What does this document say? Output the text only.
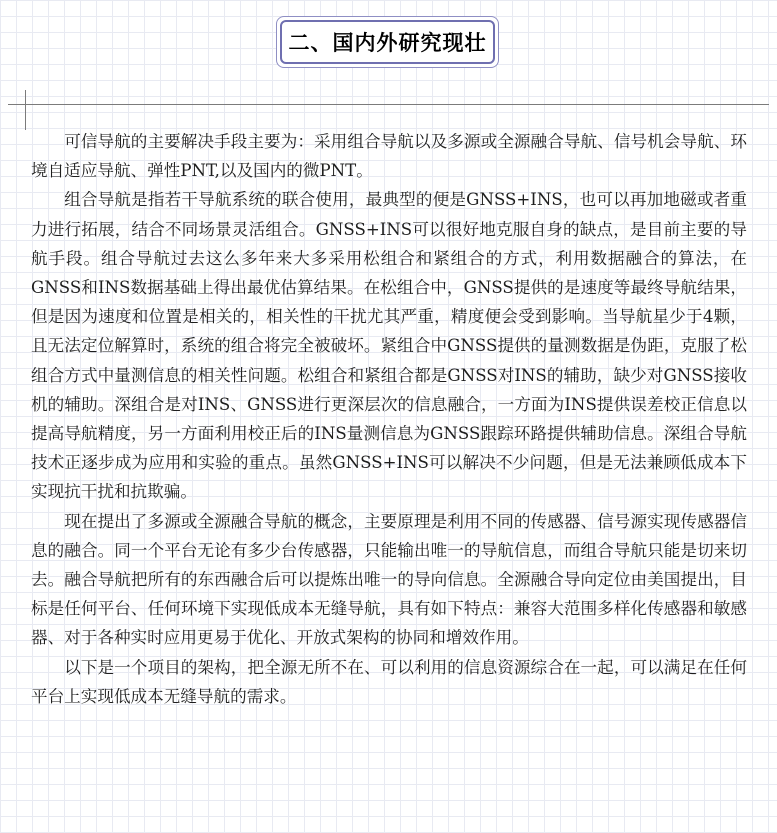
二、国内外研究现壮

可信导航的主要解决手段主要为：采用组合导航以及多源或全源融合导航、信号机会导航、环境自适应导航、弹性PNT,以及国内的微PNT。

组合导航是指若干导航系统的联合使用，最典型的便是GNSS+INS，也可以再加地磁或者重力进行拓展，结合不同场景灵活组合。GNSS+INS可以很好地克服自身的缺点，是目前主要的导航手段。组合导航过去这么多年来大多采用松组合和紧组合的方式，利用数据融合的算法，在GNSS和INS数据基础上得出最优估算结果。在松组合中，GNSS提供的是速度等最终导航结果，但是因为速度和位置是相关的，相关性的干扰尤其严重，精度便会受到影响。当导航星少于4颗，且无法定位解算时，系统的组合将完全被破坏。紧组合中GNSS提供的量测数据是伪距，克服了松组合方式中量测信息的相关性问题。松组合和紧组合都是GNSS对INS的辅助，缺少对GNSS接收机的辅助。深组合是对INS、GNSS进行更深层次的信息融合，一方面为INS提供误差校正信息以提高导航精度，另一方面利用校正后的INS量测信息为GNSS跟踪环路提供辅助信息。深组合导航技术正逐步成为应用和实验的重点。虽然GNSS+INS可以解决不少问题，但是无法兼顾低成本下实现抗干扰和抗欺骗。

现在提出了多源或全源融合导航的概念，主要原理是利用不同的传感器、信号源实现传感器信息的融合。同一个平台无论有多少台传感器，只能输出唯一的导航信息，而组合导航只能是切来切去。融合导航把所有的东西融合后可以提炼出唯一的导向信息。全源融合导向定位由美国提出，目标是任何平台、任何环境下实现低成本无缝导航，具有如下特点：兼容大范围多样化传感器和敏感器、对于各种实时应用更易于优化、开放式架构的协同和增效作用。

以下是一个项目的架构，把全源无所不在、可以利用的信息资源综合在一起，可以满足在任何平台上实现低成本无缝导航的需求。
